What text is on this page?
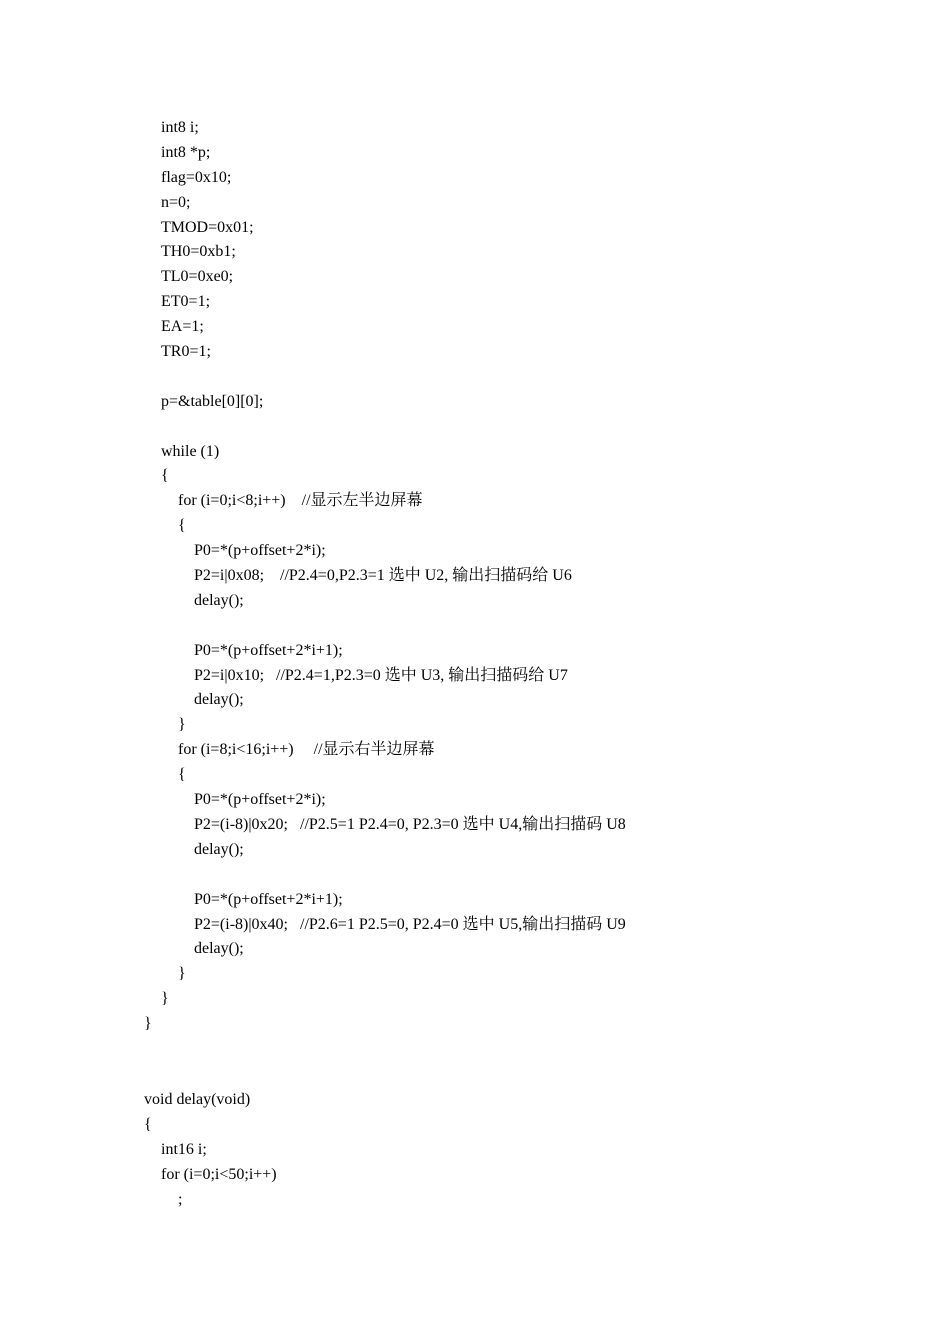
int8 i;
int8 *p;
flag=0x10;
n=0;
TMOD=0x01;
TH0=0xb1;
TL0=0xe0;
ET0=1;
EA=1;
TR0=1;
p=&table[0][0];
while (1)
{
for (i=0;i<8;i++)    //显示左半边屏幕
{
P0=*(p+offset+2*i);
P2=i|0x08;    //P2.4=0,P2.3=1 选中 U2, 输出扫描码给 U6
delay();
P0=*(p+offset+2*i+1);
P2=i|0x10;   //P2.4=1,P2.3=0 选中 U3, 输出扫描码给 U7
delay();
}
for (i=8;i<16;i++)     //显示右半边屏幕
{
P0=*(p+offset+2*i);
P2=(i-8)|0x20;   //P2.5=1 P2.4=0, P2.3=0 选中 U4,输出扫描码 U8
delay();
P0=*(p+offset+2*i+1);
P2=(i-8)|0x40;   //P2.6=1 P2.5=0, P2.4=0 选中 U5,输出扫描码 U9
delay();
}
}
}
void delay(void)
{
int16 i;
for (i=0;i<50;i++)
;
